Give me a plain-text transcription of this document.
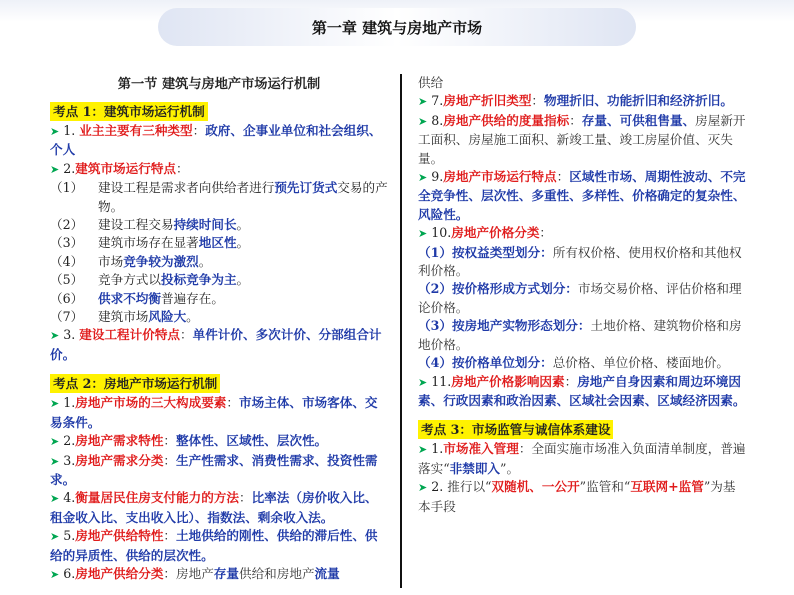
第一章 建筑与房地产市场
第一节 建筑与房地产市场运行机制
考点 1：建筑市场运行机制

➤ 1. 业主主要有三种类型：政府、企事业单位和社会组织、个人

➤ 2.建筑市场运行特点：

（1）	建设工程是需求者向供给者进行预先订货式交易的产物。
（2）	建设工程交易持续时间长。
（3）	建筑市场存在显著地区性。
（4）	市场竞争较为激烈。
（5）	竞争方式以投标竞争为主。
（6）	供求不均衡普遍存在。
（7）	建筑市场风险大。

➤ 3. 建设工程计价特点：单件计价、多次计价、分部组合计价。

考点 2：房地产市场运行机制

➤ 1.房地产市场的三大构成要素：市场主体、市场客体、交易条件。

➤ 2.房地产需求特性：整体性、区域性、层次性。

➤ 3.房地产需求分类：生产性需求、消费性需求、投资性需求。

➤ 4.衡量居民住房支付能力的方法：比率法（房价收入比、租金收入比、支出收入比）、指数法、剩余收入法。

➤ 5.房地产供给特性：土地供给的刚性、供给的滞后性、供给的异质性、供给的层次性。

➤ 6.房地产供给分类：房地产存量供给和房地产流量

供给

➤ 7.房地产折旧类型：物理折旧、功能折旧和经济折旧。

➤ 8.房地产供给的度量指标：存量、可供租售量、房屋新开工面积、房屋施工面积、新竣工量、竣工房屋价值、灭失量。

➤ 9.房地产市场运行特点：区域性市场、周期性波动、不完全竞争性、层次性、多重性、多样性、价格确定的复杂性、风险性。

➤ 10.房地产价格分类：

（1）按权益类型划分：所有权价格、使用权价格和其他权利价格。

（2）按价格形成方式划分：市场交易价格、评估价格和理论价格。

（3）按房地产实物形态划分：土地价格、建筑物价格和房地价格。

（4）按价格单位划分：总价格、单位价格、楼面地价。

➤ 11.房地产价格影响因素：房地产自身因素和周边环境因素、行政因素和政治因素、区域社会因素、区域经济因素。

考点 3：市场监管与诚信体系建设

➤ 1.市场准入管理：全面实施市场准入负面清单制度，普遍落实“非禁即入”。

➤ 2. 推行以“双随机、一公开”监管和“互联网+监管”为基本手段
